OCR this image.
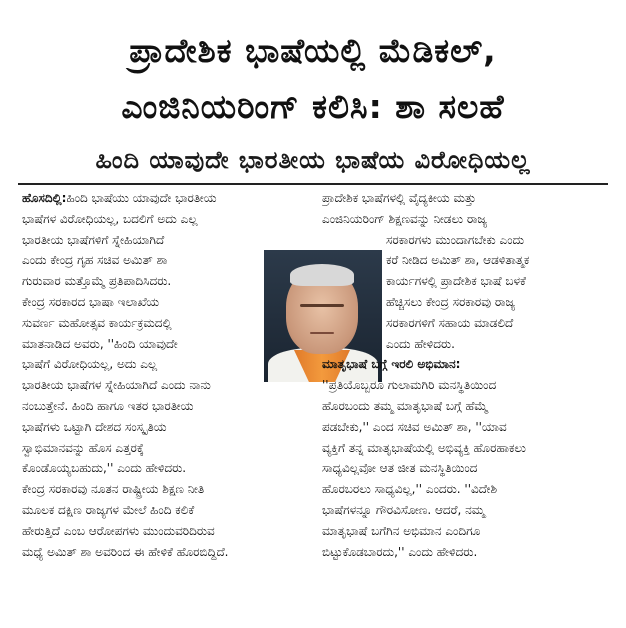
ಪ್ರಾದೇಶಿಕ ಭಾಷೆಯಲ್ಲಿ ಮೆಡಿಕಲ್,
ಎಂಜಿನಿಯರಿಂಗ್ ಕಲಿಸಿ: ಶಾ ಸಲಹೆ
ಹಿಂದಿ ಯಾವುದೇ ಭಾರತೀಯ ಭಾಷೆಯ ವಿರೋಧಿಯಲ್ಲ
ಹೊಸದಿಲ್ಲಿ:ಹಿಂದಿ ಭಾಷೆಯು ಯಾವುದೇ ಭಾರತೀಯ
ಭಾಷೆಗಳ ವಿರೋಧಿಯಲ್ಲ, ಬದಲಿಗೆ ಅದು ಎಲ್ಲ
ಭಾರತೀಯ ಭಾಷೆಗಳಿಗೆ ಸ್ನೇಹಿಯಾಗಿದೆ
ಎಂದು ಕೇಂದ್ರ ಗೃಹ ಸಚಿವ ಅಮಿತ್ ಶಾ
ಗುರುವಾರ ಮತ್ತೊಮ್ಮೆ ಪ್ರತಿಪಾದಿಸಿದರು.
ಕೇಂದ್ರ ಸರಕಾರದ ಭಾಷಾ ಇಲಾಖೆಯ
ಸುವರ್ಣ ಮಹೋತ್ಸವ ಕಾರ್ಯಕ್ರಮದಲ್ಲಿ
ಮಾತನಾಡಿದ ಅವರು, ''ಹಿಂದಿ ಯಾವುದೇ
ಭಾಷೆಗೆ ವಿರೋಧಿಯಲ್ಲ, ಅದು ಎಲ್ಲ
ಭಾರತೀಯ ಭಾಷೆಗಳ ಸ್ನೇಹಿಯಾಗಿದೆ ಎಂದು ನಾನು
ನಂಬುತ್ತೇನೆ. ಹಿಂದಿ ಹಾಗೂ ಇತರ ಭಾರತೀಯ
ಭಾಷೆಗಳು ಒಟ್ಟಾಗಿ ದೇಶದ ಸಂಸ್ಕೃತಿಯ
ಸ್ವಾಭಿಮಾನವನ್ನು ಹೊಸ ಎತ್ತರಕ್ಕೆ
ಕೊಂಡೊಯ್ಯಬಹುದು,'' ಎಂದು ಹೇಳಿದರು.
ಕೇಂದ್ರ ಸರಕಾರವು ನೂತನ ರಾಷ್ಟ್ರೀಯ ಶಿಕ್ಷಣ ನೀತಿ
ಮೂಲಕ ದಕ್ಷಿಣ ರಾಜ್ಯಗಳ ಮೇಲೆ ಹಿಂದಿ ಕಲಿಕೆ
ಹೇರುತ್ತಿದೆ ಎಂಬ ಆರೋಪಗಳು ಮುಂದುವರಿದಿರುವ
ಮಧ್ಯೆ ಅಮಿತ್ ಶಾ ಅವರಿಂದ ಈ ಹೇಳಿಕೆ ಹೊರಬಿದ್ದಿದೆ.
ಪ್ರಾದೇಶಿಕ ಭಾಷೆಗಳಲ್ಲಿ ವೈದ್ಯಕೀಯ ಮತ್ತು
ಎಂಜಿನಿಯರಿಂಗ್ ಶಿಕ್ಷಣವನ್ನು ನೀಡಲು ರಾಜ್ಯ
ಸರಕಾರಗಳು ಮುಂದಾಗಬೇಕು ಎಂದು
ಕರೆ ನೀಡಿದ ಅಮಿತ್ ಶಾ, ಆಡಳಿತಾತ್ಮಕ
ಕಾರ್ಯಗಳಲ್ಲಿ ಪ್ರಾದೇಶಿಕ ಭಾಷೆ ಬಳಕೆ
ಹೆಚ್ಚಿಸಲು ಕೇಂದ್ರ ಸರಕಾರವು ರಾಜ್ಯ
ಸರಕಾರಗಳಿಗೆ ಸಹಾಯ ಮಾಡಲಿದೆ
ಎಂದು ಹೇಳಿದರು.
ಮಾತೃಭಾಷೆ ಬಗ್ಗೆ ಇರಲಿ ಅಭಿಮಾನ:
''ಪ್ರತಿಯೊಬ್ಬರೂ ಗುಲಾಮಗಿರಿ ಮನಸ್ಥಿತಿಯಿಂದ
ಹೊರಬಂದು ತಮ್ಮ ಮಾತೃಭಾಷೆ ಬಗ್ಗೆ ಹೆಮ್ಮೆ
ಪಡಬೇಕು,'' ಎಂದ ಸಚಿವ ಅಮಿತ್ ಶಾ, ''ಯಾವ
ವ್ಯಕ್ತಿಗೆ ತನ್ನ ಮಾತೃಭಾಷೆಯಲ್ಲಿ ಅಭಿವ್ಯಕ್ತಿ ಹೊರಹಾಕಲು
ಸಾಧ್ಯವಿಲ್ಲವೋ ಆತ ಜೀತ ಮನಸ್ಥಿತಿಯಿಂದ
ಹೊರಬರಲು ಸಾಧ್ಯವಿಲ್ಲ,'' ಎಂದರು. ''ವಿದೇಶಿ
ಭಾಷೆಗಳನ್ನೂ ಗೌರವಿಸೋಣ. ಆದರೆ, ನಮ್ಮ
ಮಾತೃಭಾಷೆ ಬಗೆಗಿನ ಅಭಿಮಾನ ಎಂದಿಗೂ
ಬಿಟ್ಟುಕೊಡಬಾರದು,'' ಎಂದು ಹೇಳಿದರು.
